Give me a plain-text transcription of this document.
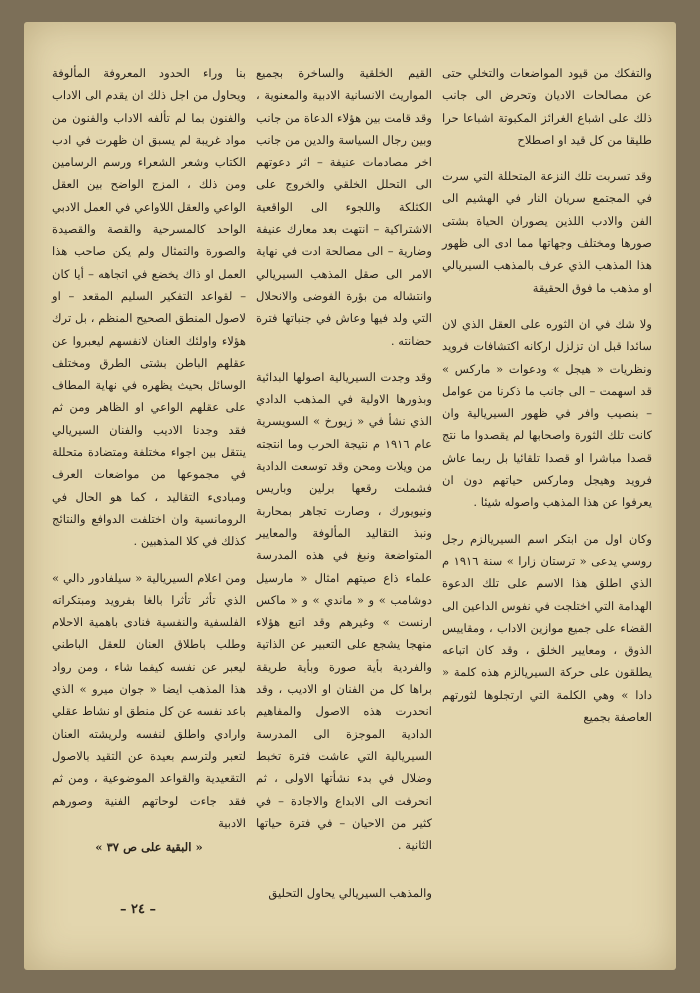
والتفكك من قيود المواضعات والتخلي حتى عن مصالحات الاديان وتحرض الى جانب ذلك على اشباع الغرائز المكبوتة اشباعا حرا طليقا من كل قيد او اصطلاح

وقد تسربت تلك النزعة المتحللة التي سرت في المجتمع سريان النار في الهشيم الى الفن والادب اللذين يصوران الحياة بشتى صورها ومختلف وجهاتها مما ادى الى ظهور هذا المذهب الذي عرف بالمذهب السيريالي او مذهب ما فوق الحقيقة

ولا شك في ان الثوره على العقل الذي لان سائدا قبل ان تزلزل اركانه اكتشافات فرويد ونظريات « هيجل » ودعوات « ماركس » قد اسهمت – الى جانب ما ذكرنا من عوامل – بنصيب وافر في ظهور السيريالية وان كانت تلك الثورة واصحابها لم يقصدوا ما نتج قصدا مباشرا او قصدا تلقائيا بل ربما عاش فرويد وهيجل وماركس حياتهم دون ان يعرفوا عن هذا المذهب واصوله شيئا .

وكان اول من ابتكر اسم السيريالزم رجل روسي يدعى « ترستان زارا » سنة ١٩١٦ م الذي اطلق هذا الاسم على تلك الدعوة الهدامة التي اختلجت في نفوس الداعين الى القضاء على جميع موازين الاداب ، ومقاييس الذوق ، ومعايير الخلق ، وقد كان اتباعه يطلقون على حركة السيريالزم هذه كلمة « دادا » وهي الكلمة التي ارتجلوها لثورتهم العاصفة بجميع

القيم الخلقية والساخرة بجميع المواريث الانسانية الادبية والمعنوية ، وقد قامت بين هؤلاء الدعاة من جانب وبين رجال السياسة والدين من جانب اخر مصادمات عنيفة – اثر دعوتهم الى التحلل الخلقي والخروج على الكثلكة واللجوء الى الواقعية الاشتراكية – انتهت بعد معارك عنيفة وضارية – الى مصالحة ادت في نهاية الامر الى صقل المذهب السيريالي وانتشاله من بؤرة الفوضى والانحلال التي ولد فيها وعاش في جنباتها فترة حضانته .

وقد وجدت السيريالية اصولها البدائية وبذورها الاولية في المذهب الدادي الذي نشأ في « زيورخ » السويسرية عام ١٩١٦ م نتيجة الحرب وما انتجته من ويلات ومحن وقد توسعت الدادية فشملت رقعها برلين وباريس ونيويورك ، وصارت تجاهر بمحاربة ونبذ التقاليد المألوفة والمعايير المتواضعة ونبغ في هذه المدرسة علماء ذاع صيتهم امثال « مارسيل دوشامب » و « ماندي » و « ماكس ارنست » وغيرهم وقد اتبع هؤلاء منهجا يشجع على التعبير عن الذاتية والفردية بأية صورة وبأية طريقة براها كل من الفنان او الاديب ، وقد انحدرت هذه الاصول والمفاهيم الدادية الموجزة الى المدرسة السيريالية التي عاشت فترة تخبط وضلال في بدء نشأتها الاولى ، ثم انحرفت الى الابداع والاجادة – في كثير من الاحيان – في فترة حياتها الثانية .

والمذهب السيريالي يحاول التحليق

بنا وراء الحدود المعروفة المألوفة ويحاول من اجل ذلك ان يقدم الى الاداب والفنون بما لم تألفه الاداب والفنون من مواد غريبة لم يسبق ان ظهرت في ادب الكتاب وشعر الشعراء ورسم الرسامين ومن ذلك ، المزج الواضح بين العقل الواعي والعقل اللاواعي في العمل الادبي الواحد كالمسرحية والقصة والقصيدة والصورة والتمثال ولم يكن صاحب هذا العمل او ذاك يخضع في اتجاهه – أيا كان – لقواعد التفكير السليم المقعد – او لاصول المنطق الصحيح المنظم ، بل ترك هؤلاء واولئك العنان لانفسهم ليعبروا عن عقلهم الباطن بشتى الطرق ومختلف الوسائل بحيث يظهره في نهاية المطاف على عقلهم الواعي او الظاهر ومن ثم فقد وجدنا الاديب والفنان السيريالي ينتقل بين اجواء مختلفة ومتضادة متحللة في مجموعها من مواضعات العرف ومبادىء التقاليد ، كما هو الحال في الرومانسية وان اختلفت الدوافع والنتائج كذلك في كلا المذهبين .

ومن اعلام السيريالية « سيلفادور دالي » الذي تأثر تأثرا بالغا بفرويد ومبتكراته الفلسفية والنفسية فنادى باهمية الاحلام وطلب باطلاق العنان للعقل الباطني ليعبر عن نفسه كيفما شاء ، ومن رواد هذا المذهب ايضا « جوان ميرو » الذي باعد نفسه عن كل منطق او نشاط عقلي وارادي واطلق لنفسه ولريشته العنان لتعبر ولترسم بعيدة عن التقيد بالاصول التقعيدية والقواعد الموضوعية ، ومن ثم فقد جاءت لوحاتهم الفنية وصورهم الادبية

« البقية على ص ٣٧ »
– ٢٤ –
